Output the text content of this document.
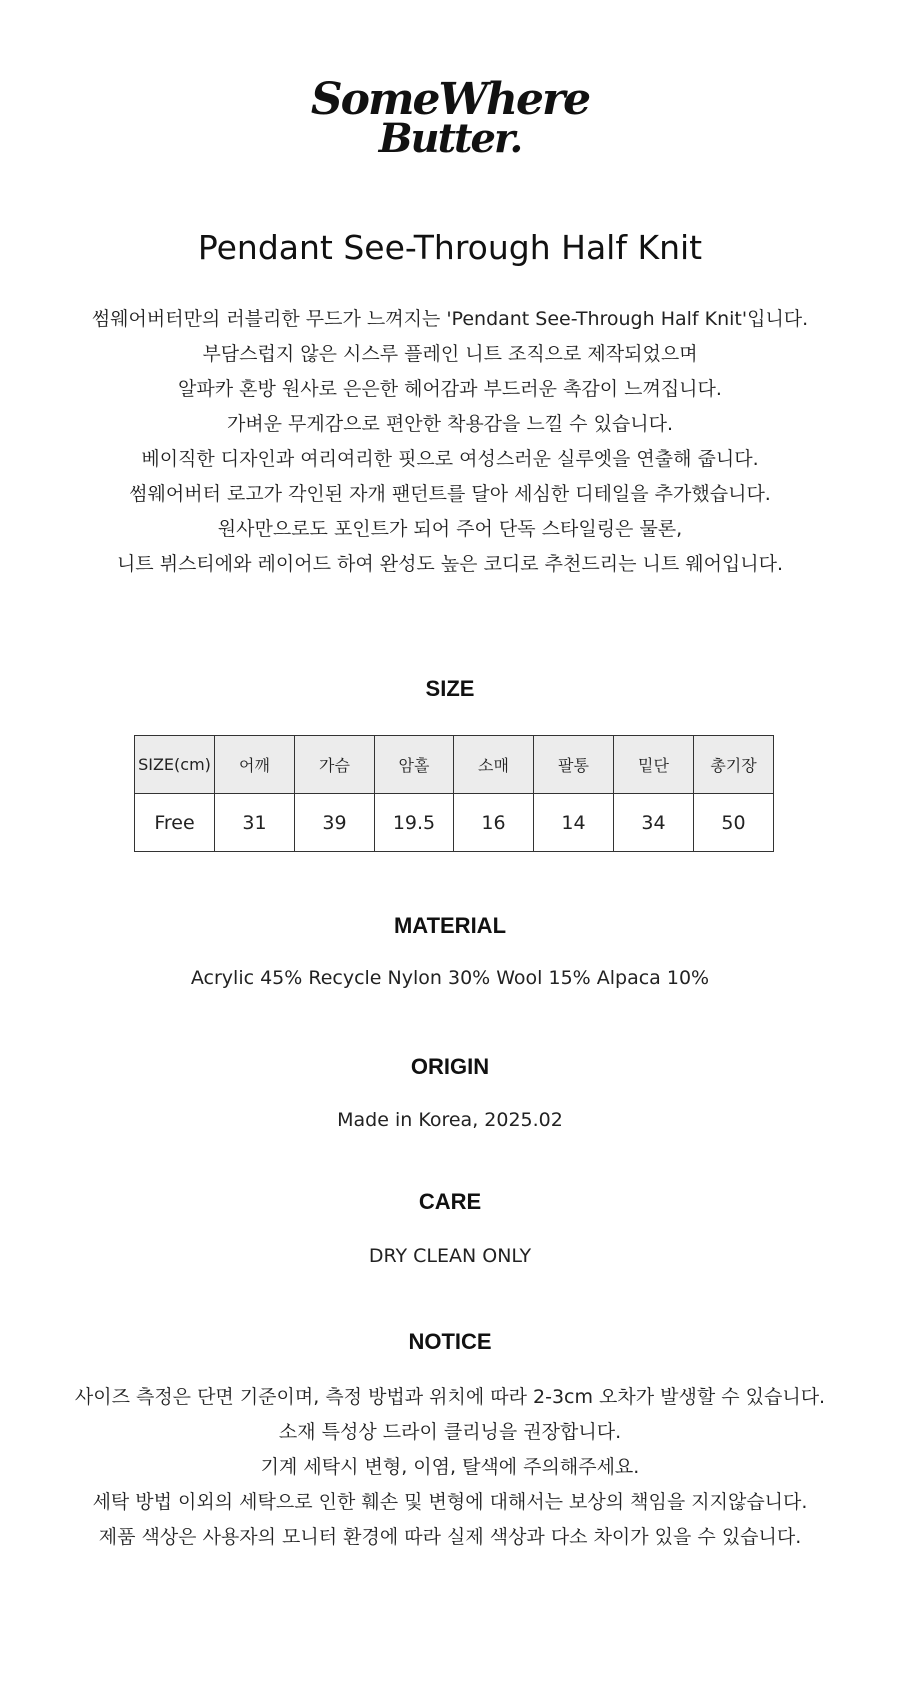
SomeWhere
Butter.
Pendant See-Through Half Knit
썸웨어버터만의 러블리한 무드가 느껴지는 'Pendant See-Through Half Knit'입니다.
부담스럽지 않은 시스루 플레인 니트 조직으로 제작되었으며
알파카 혼방 원사로 은은한 헤어감과 부드러운 촉감이 느껴집니다.
가벼운 무게감으로 편안한 착용감을 느낄 수 있습니다.
베이직한 디자인과 여리여리한 핏으로 여성스러운 실루엣을 연출해 줍니다.
썸웨어버터 로고가 각인된 자개 팬던트를 달아 세심한 디테일을 추가했습니다.
원사만으로도 포인트가 되어 주어 단독 스타일링은 물론,
니트 뷔스티에와 레이어드 하여 완성도 높은 코디로 추천드리는 니트 웨어입니다.
SIZE
SIZE(cm)	어깨	가슴	암홀	소매	팔통	밑단	총기장
Free	31	39	19.5	16	14	34	50
MATERIAL
Acrylic 45% Recycle Nylon 30% Wool 15% Alpaca 10%
ORIGIN
Made in Korea, 2025.02
CARE
DRY CLEAN ONLY
NOTICE
사이즈 측정은 단면 기준이며, 측정 방법과 위치에 따라 2-3cm 오차가 발생할 수 있습니다.
소재 특성상 드라이 클리닝을 권장합니다.
기계 세탁시 변형, 이염, 탈색에 주의해주세요.
세탁 방법 이외의 세탁으로 인한 훼손 및 변형에 대해서는 보상의 책임을 지지않습니다.
제품 색상은 사용자의 모니터 환경에 따라 실제 색상과 다소 차이가 있을 수 있습니다.
